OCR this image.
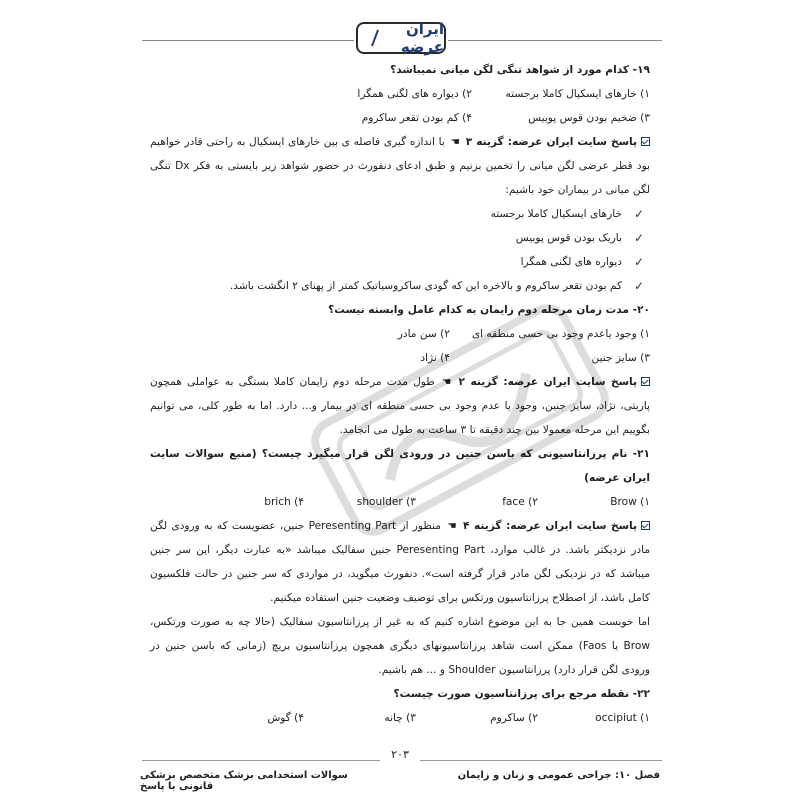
ایران عرضه

۱۹- کدام مورد از شواهد تنگی لگن میانی نمیباشد؟

۱) خارهای ایسکیال کاملا برجسته
۲) دیواره های لگنی همگرا
۳) ضخیم بودن قوس پوبیس
۴) کم بودن تقعر ساکروم

پاسخ سایت ایران عرضه: گزینه ۳ ☚ با اندازه گیری فاصله ی بین خارهای ایسکیال به راحتی قادر خواهیم بود قطر عرضی لگن میانی را تخمین بزنیم و طبق ادعای دنفورث در حضور شواهد زیر بایستی به فکر Dx تنگی لگن میانی در بیماران خود باشیم:

✓
خارهای ایسکیال کاملا برجسته
✓
باریک بودن قوس پوبیس
✓
دیواره های لگنی همگرا
✓
کم بودن تقعر ساکروم و بالاخره این که گودی ساکروسیاتیک کمتر از پهنای ۲ انگشت باشد.

۲۰- مدت زمان مرحله دوم زایمان به کدام عامل وابسته نیست؟

۱) وجود یاعدم وجود بی حسی منطقه ای
۲) سن مادر
۳) سایز جنین
۴) نژاد

پاسخ سایت ایران عرضه: گزینه ۲ ☚ طول مدت مرحله دوم زایمان کاملا بستگی به عواملی همچون پاریتی، نژاد، سایز جنین، وجود یا عدم وجود بی حسی منطقه ای در بیمار و... دارد. اما به طور کلی، می توانیم بگوییم این مرحله معمولا بین چند دقیقه تا ۳ ساعت به طول می انجامد.

۲۱- نام پرزانتاسیونی که باسن جنین در ورودی لگن قرار میگیرد چیست؟ (منبع سوالات سایت ایران عرضه)

۱) Brow
۲) face
۳) shoulder
۴) brich

پاسخ سایت ایران عرضه: گزینه ۴ ☚ منظور از Peresenting Part جنین، عضویست که به ورودی لگن مادر نزدیکتر باشد. در غالب موارد، Peresenting Part جنین سفالیک میباشد «به عبارت دیگر، این سر جنین میباشد که در نزدیکی لگن مادر قرار گرفته است». دنفورث میگوید، در مواردی که سر جنین در حالت فلکسیون کامل باشد، از اصطلاح پرزانتاسیون ورتکس برای توصیف وضعیت جنین استفاده میکنیم.

اما خوبست همین جا به این موضوع اشاره کنیم که به غیر از پرزانتاسیون سفالیک (حالا چه به صورت ورتکس، Brow یا Faos) ممکن است شاهد پرزانتاسیونهای دیگری همچون پرزانتاسیون بریچ (زمانی که باسن جنین در ورودی لگن قرار دارد) پرزانتاسیون Shoulder و ... هم باشیم.

۲۲- نقطه مرجع برای پرزانتاسیون صورت چیست؟

۱) occipiut
۲) ساکروم
۳) چانه
۴) گوش
۲۰۳
سوالات استخدامی بزشک متخصص بزشکی قانونی با پاسخ
فصل ۱۰: جراحی عمومی و زنان و زایمان
